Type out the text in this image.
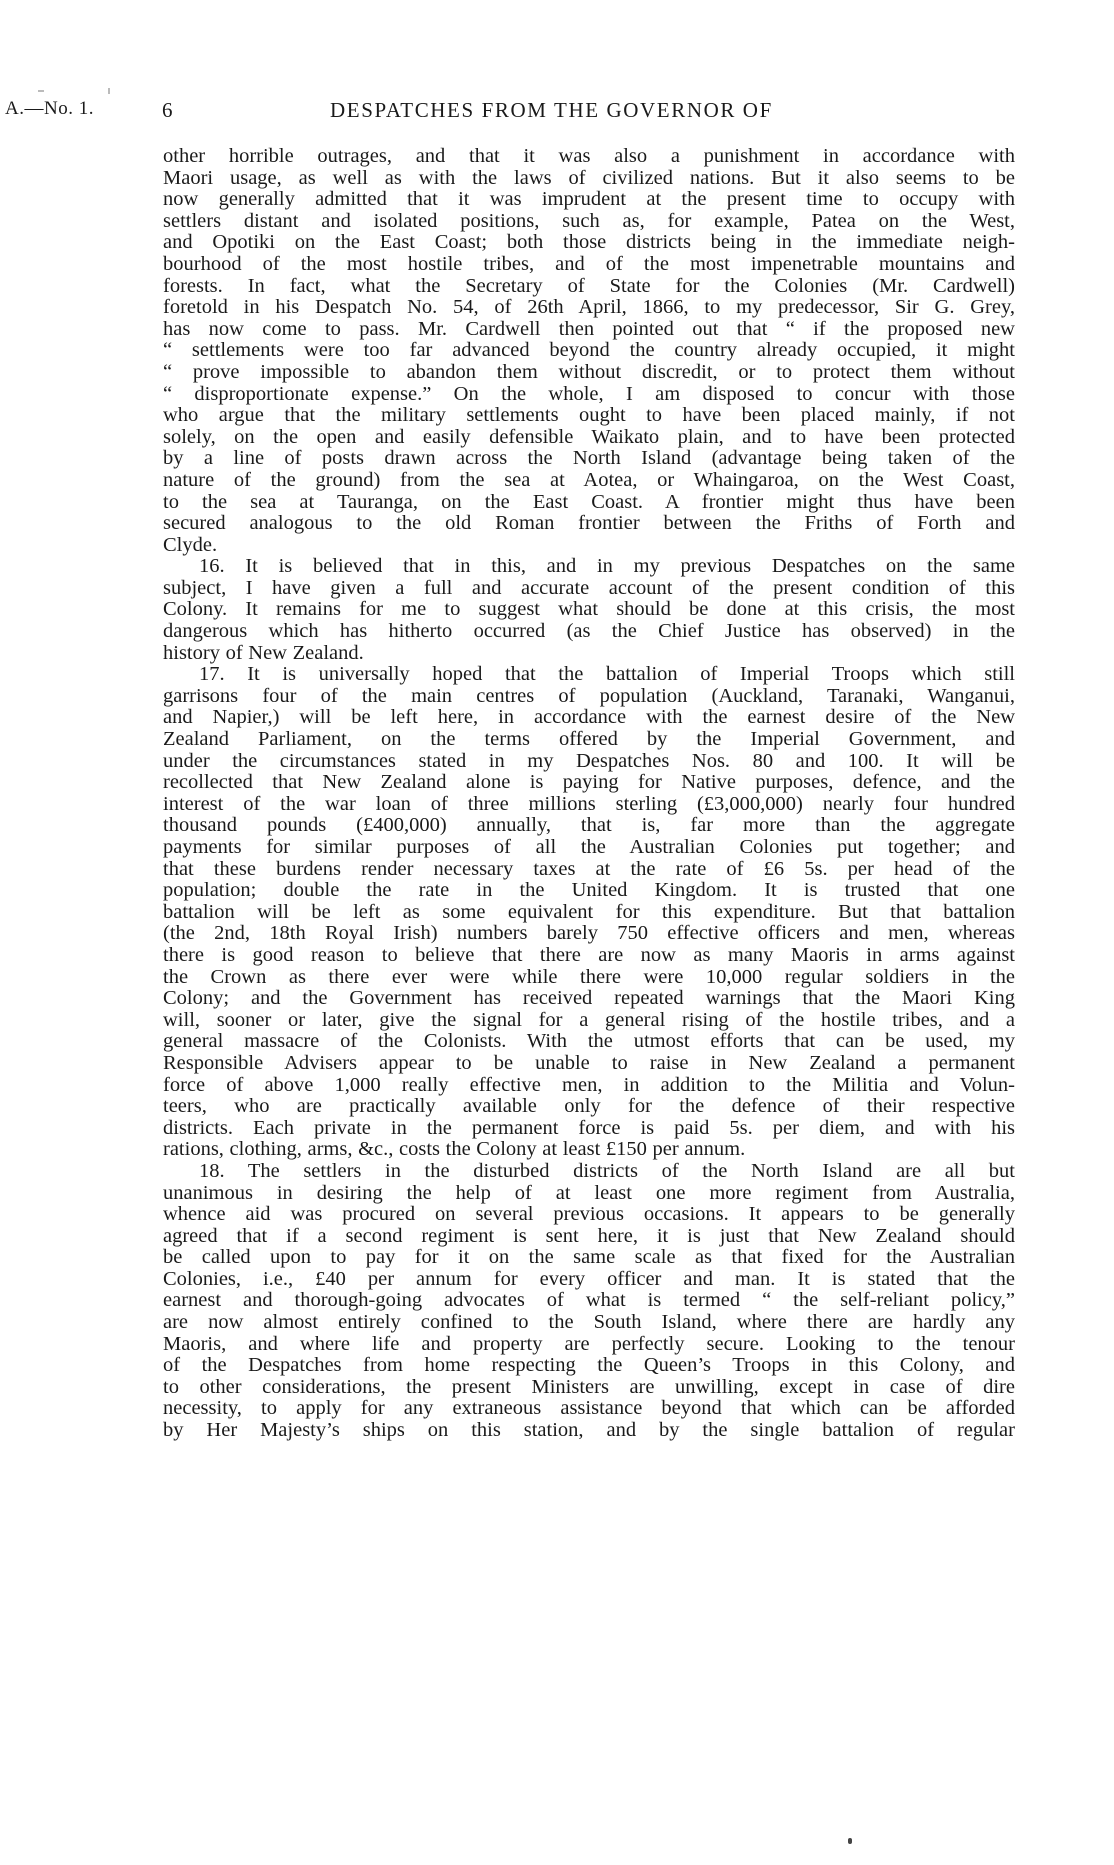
A.—No. 1.	6	DESPATCHES FROM THE GOVERNOR OF
other horrible outrages, and that it was also a punishment in accordance with
Maori usage, as well as with the laws of civilized nations. But it also seems to be
now generally admitted that it was imprudent at the present time to occupy with
settlers distant and isolated positions, such as, for example, Patea on the West,
and Opotiki on the East Coast; both those districts being in the immediate neigh-
bourhood of the most hostile tribes, and of the most impenetrable mountains and
forests. In fact, what the Secretary of State for the Colonies (Mr. Cardwell)
foretold in his Despatch No. 54, of 26th April, 1866, to my predecessor, Sir G. Grey,
has now come to pass. Mr. Cardwell then pointed out that “ if the proposed new
“ settlements were too far advanced beyond the country already occupied, it might
“ prove impossible to abandon them without discredit, or to protect them without
“ disproportionate expense.” On the whole, I am disposed to concur with those
who argue that the military settlements ought to have been placed mainly, if not
solely, on the open and easily defensible Waikato plain, and to have been protected
by a line of posts drawn across the North Island (advantage being taken of the
nature of the ground) from the sea at Aotea, or Whaingaroa, on the West Coast,
to the sea at Tauranga, on the East Coast. A frontier might thus have been
secured analogous to the old Roman frontier between the Friths of Forth and
Clyde.
16. It is believed that in this, and in my previous Despatches on the same
subject, I have given a full and accurate account of the present condition of this
Colony. It remains for me to suggest what should be done at this crisis, the most
dangerous which has hitherto occurred (as the Chief Justice has observed) in the
history of New Zealand.
17. It is universally hoped that the battalion of Imperial Troops which still
garrisons four of the main centres of population (Auckland, Taranaki, Wanganui,
and Napier,) will be left here, in accordance with the earnest desire of the New
Zealand Parliament, on the terms offered by the Imperial Government, and
under the circumstances stated in my Despatches Nos. 80 and 100. It will be
recollected that New Zealand alone is paying for Native purposes, defence, and the
interest of the war loan of three millions sterling (£3,000,000) nearly four hundred
thousand pounds (£400,000) annually, that is, far more than the aggregate
payments for similar purposes of all the Australian Colonies put together; and
that these burdens render necessary taxes at the rate of £6 5s. per head of the
population; double the rate in the United Kingdom. It is trusted that one
battalion will be left as some equivalent for this expenditure. But that battalion
(the 2nd, 18th Royal Irish) numbers barely 750 effective officers and men, whereas
there is good reason to believe that there are now as many Maoris in arms against
the Crown as there ever were while there were 10,000 regular soldiers in the
Colony; and the Government has received repeated warnings that the Maori King
will, sooner or later, give the signal for a general rising of the hostile tribes, and a
general massacre of the Colonists. With the utmost efforts that can be used, my
Responsible Advisers appear to be unable to raise in New Zealand a permanent
force of above 1,000 really effective men, in addition to the Militia and Volun-
teers, who are practically available only for the defence of their respective
districts. Each private in the permanent force is paid 5s. per diem, and with his
rations, clothing, arms, &c., costs the Colony at least £150 per annum.
18. The settlers in the disturbed districts of the North Island are all but
unanimous in desiring the help of at least one more regiment from Australia,
whence aid was procured on several previous occasions. It appears to be generally
agreed that if a second regiment is sent here, it is just that New Zealand should
be called upon to pay for it on the same scale as that fixed for the Australian
Colonies, i.e., £40 per annum for every officer and man. It is stated that the
earnest and thorough-going advocates of what is termed “ the self-reliant policy,”
are now almost entirely confined to the South Island, where there are hardly any
Maoris, and where life and property are perfectly secure. Looking to the tenour
of the Despatches from home respecting the Queen’s Troops in this Colony, and
to other considerations, the present Ministers are unwilling, except in case of dire
necessity, to apply for any extraneous assistance beyond that which can be afforded
by Her Majesty’s ships on this station, and by the single battalion of regular
